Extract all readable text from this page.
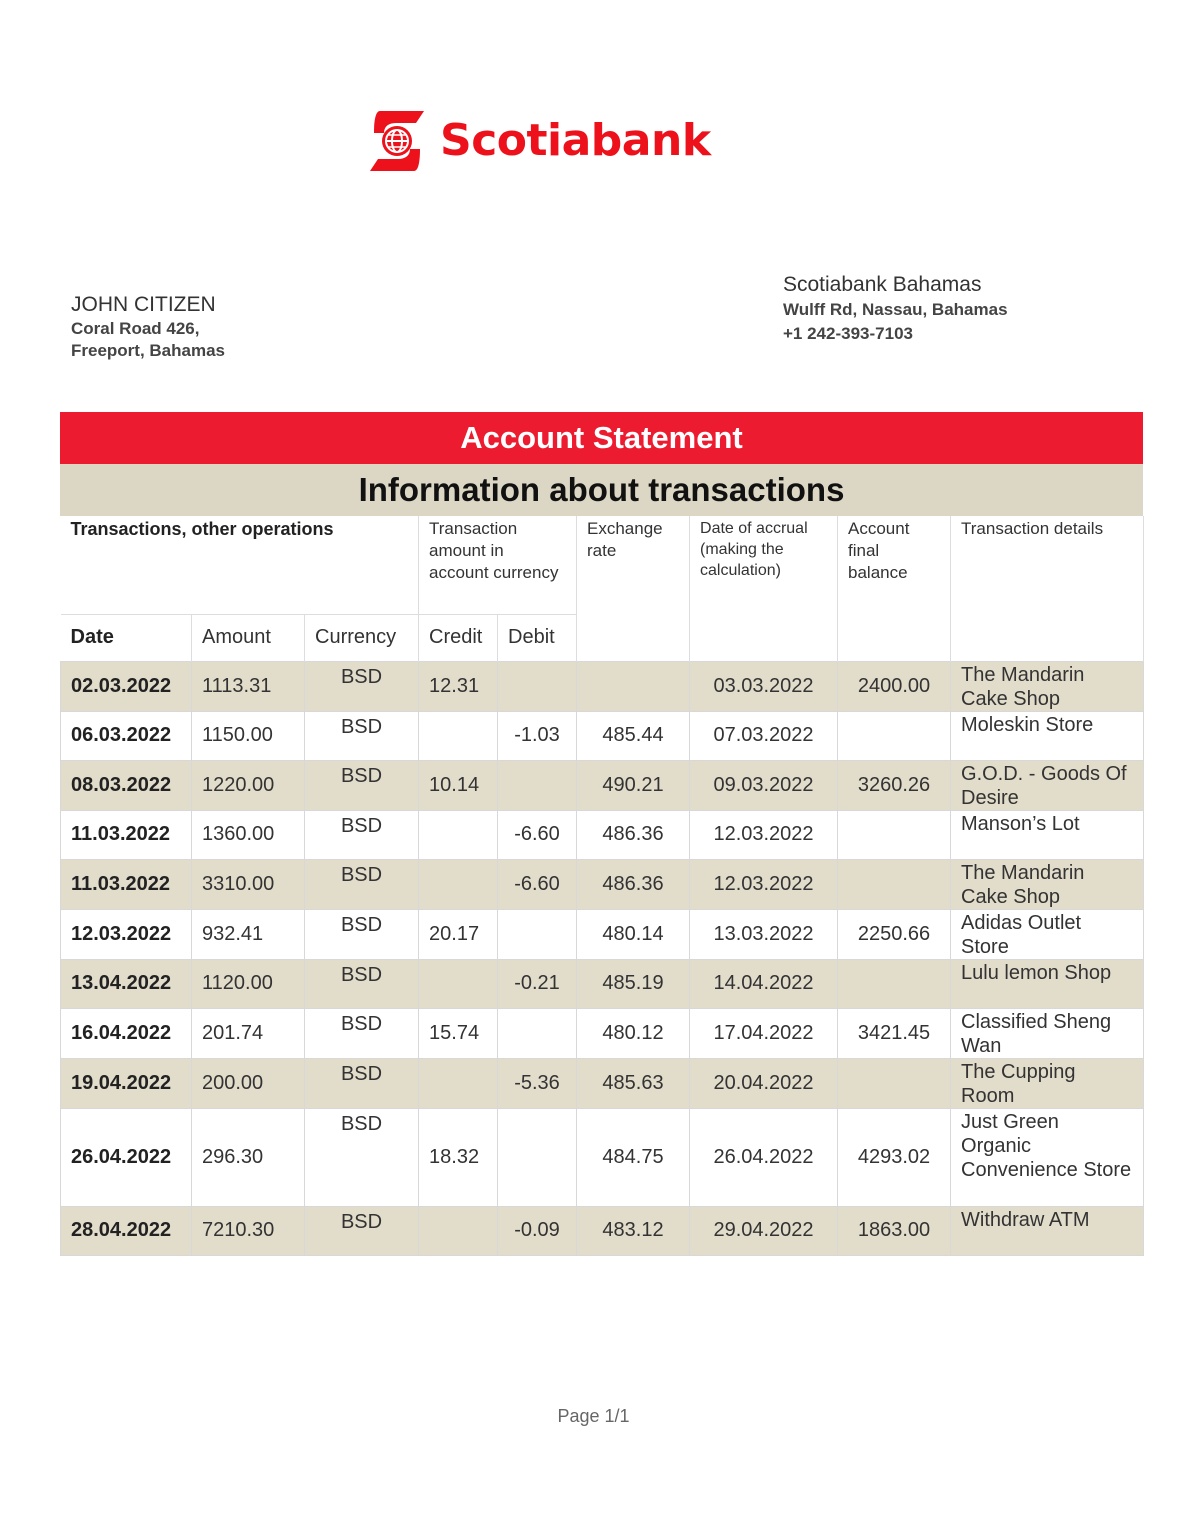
Scotiabank
JOHN CITIZEN
Coral Road 426,
Freeport, Bahamas
Scotiabank Bahamas
Wulff Rd, Nassau, Bahamas
+1 242-393-7103
Account Statement
Information about transactions
Transactions, other operations			Transaction amount in account currency		Exchange rate	Date of accrual (making the calculation)	Account final balance	Transaction details
Date	Amount	Currency	Credit	Debit				
02.03.2022	1113.31	BSD	12.31			03.03.2022	2400.00	The Mandarin Cake Shop
06.03.2022	1150.00	BSD		-1.03	485.44	07.03.2022		Moleskin Store
08.03.2022	1220.00	BSD	10.14		490.21	09.03.2022	3260.26	G.O.D. - Goods Of Desire
11.03.2022	1360.00	BSD		-6.60	486.36	12.03.2022		Manson’s Lot
11.03.2022	3310.00	BSD		-6.60	486.36	12.03.2022		The Mandarin Cake Shop
12.03.2022	932.41	BSD	20.17		480.14	13.03.2022	2250.66	Adidas Outlet Store
13.04.2022	1120.00	BSD		-0.21	485.19	14.04.2022		Lulu lemon Shop
16.04.2022	201.74	BSD	15.74		480.12	17.04.2022	3421.45	Classified Sheng Wan
19.04.2022	200.00	BSD		-5.36	485.63	20.04.2022		The Cupping Room
26.04.2022	296.30	BSD	18.32		484.75	26.04.2022	4293.02	Just Green Organic Convenience Store
28.04.2022	7210.30	BSD		-0.09	483.12	29.04.2022	1863.00	Withdraw ATM
Page 1/1
